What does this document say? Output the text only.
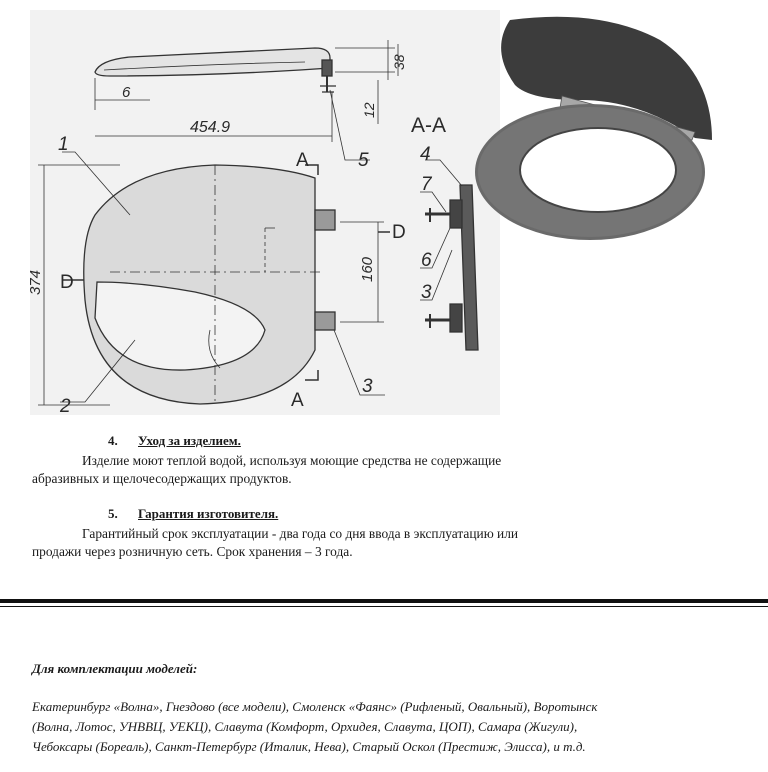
6
454.9
374
38
12
160
1
2
3
5	4
7
6
3
A-A
A
A
D
D
4. Уход за изделием.
Изделие моют теплой водой, используя моющие средства не содержащие
абразивных и щелочесодержащих продуктов.
5. Гарантия изготовителя.
Гарантийный срок эксплуатации - два года со дня ввода в эксплуатацию или
продажи через розничную сеть. Срок хранения – 3 года.
Для комплектации моделей:
Екатеринбург «Волна», Гнездово (все модели), Смоленск «Фаянс» (Рифленый, Овальный), Воротынск
(Волна, Лотос, УНВВЦ, УЕКЦ), Славута (Комфорт, Орхидея, Славута, ЦОП), Самара (Жигули),
Чебоксары (Бореаль), Санкт-Петербург (Италик, Нева), Старый Оскол (Престиж, Элисса), и т.д.
